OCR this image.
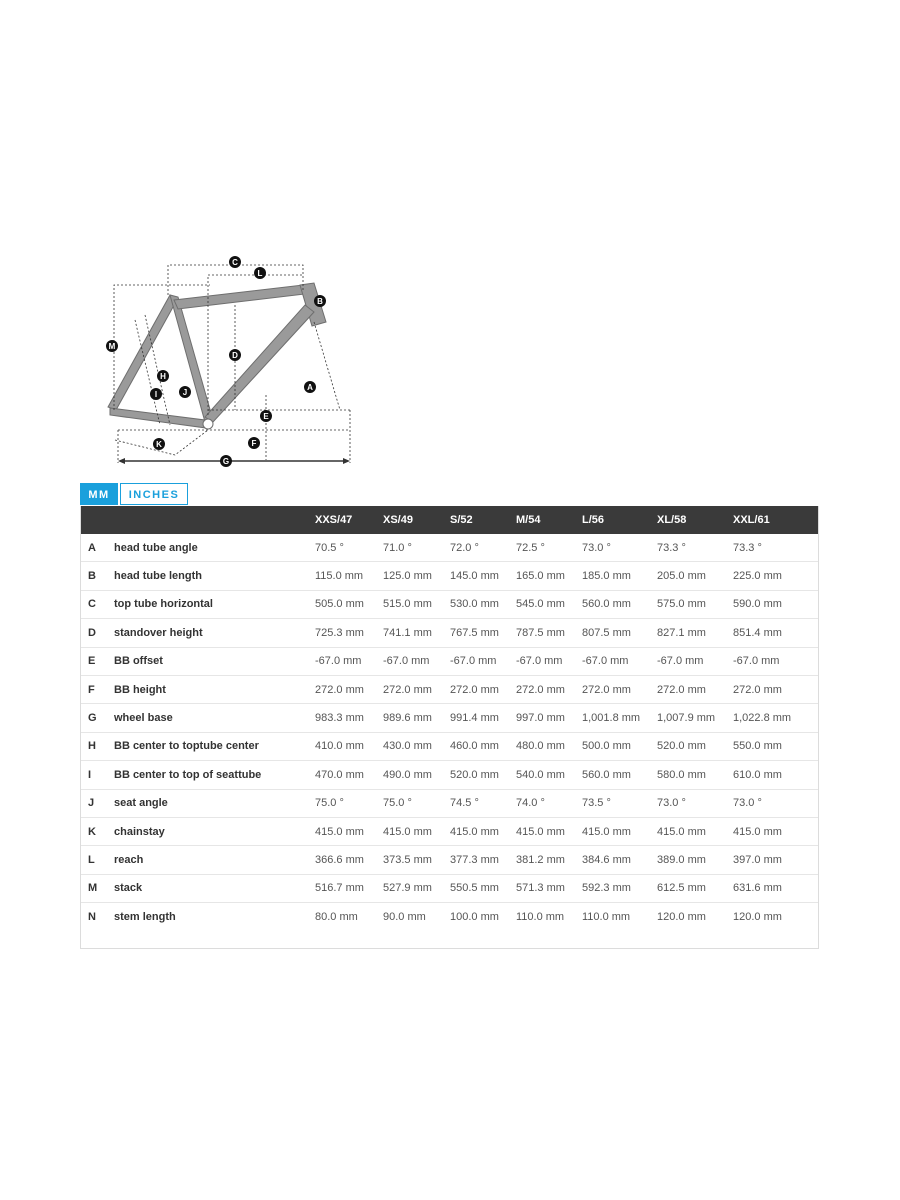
A
B
C
D
E
F
G
H
I	J
K
L
M
MM	INCHES
XXS/47	XS/49	S/52	M/54	L/56	XL/58	XXL/61
A	head tube angle	70.5 °	71.0 °	72.0 °	72.5 °	73.0 °	73.3 °	73.3 °
B	head tube length	115.0 mm	125.0 mm	145.0 mm	165.0 mm	185.0 mm	205.0 mm	225.0 mm
C	top tube horizontal	505.0 mm	515.0 mm	530.0 mm	545.0 mm	560.0 mm	575.0 mm	590.0 mm
D	standover height	725.3 mm	741.1 mm	767.5 mm	787.5 mm	807.5 mm	827.1 mm	851.4 mm
E	BB offset	-67.0 mm	-67.0 mm	-67.0 mm	-67.0 mm	-67.0 mm	-67.0 mm	-67.0 mm
F	BB height	272.0 mm	272.0 mm	272.0 mm	272.0 mm	272.0 mm	272.0 mm	272.0 mm
G	wheel base	983.3 mm	989.6 mm	991.4 mm	997.0 mm	1,001.8 mm	1,007.9 mm	1,022.8 mm
H	BB center to toptube center	410.0 mm	430.0 mm	460.0 mm	480.0 mm	500.0 mm	520.0 mm	550.0 mm
I	BB center to top of seattube	470.0 mm	490.0 mm	520.0 mm	540.0 mm	560.0 mm	580.0 mm	610.0 mm
J	seat angle	75.0 °	75.0 °	74.5 °	74.0 °	73.5 °	73.0 °	73.0 °
K	chainstay	415.0 mm	415.0 mm	415.0 mm	415.0 mm	415.0 mm	415.0 mm	415.0 mm
L	reach	366.6 mm	373.5 mm	377.3 mm	381.2 mm	384.6 mm	389.0 mm	397.0 mm
M	stack	516.7 mm	527.9 mm	550.5 mm	571.3 mm	592.3 mm	612.5 mm	631.6 mm
N	stem length	80.0 mm	90.0 mm	100.0 mm	110.0 mm	110.0 mm	120.0 mm	120.0 mm
